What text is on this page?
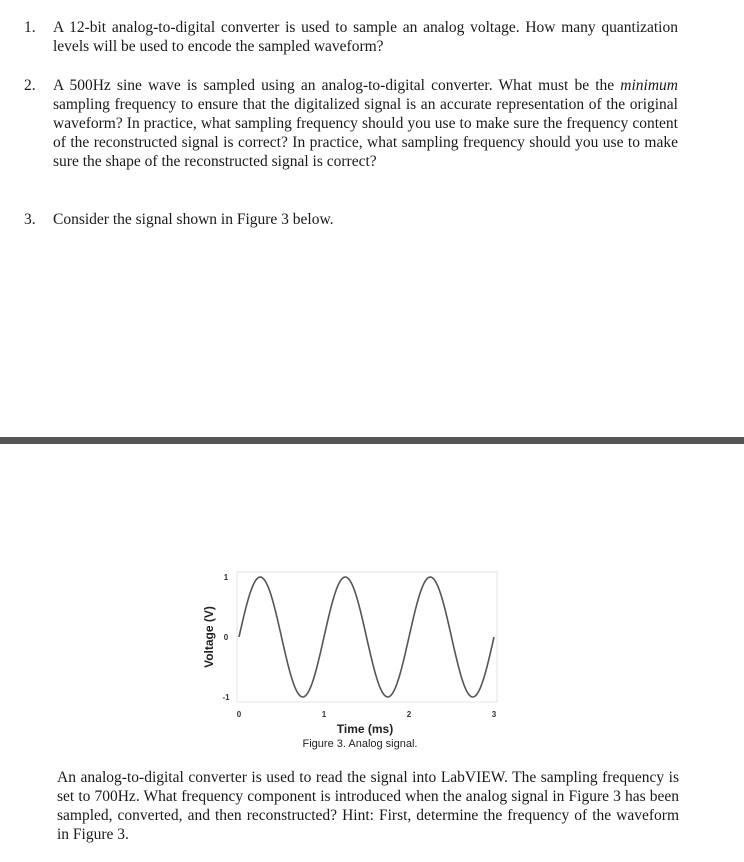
1. A 12-bit analog-to-digital converter is used to sample an analog voltage. How many quantization levels will be used to encode the sampled waveform?
2. A 500Hz sine wave is sampled using an analog-to-digital converter. What must be the minimum sampling frequency to ensure that the digitalized signal is an accurate representation of the original waveform? In practice, what sampling frequency should you use to make sure the frequency content of the reconstructed signal is correct? In practice, what sampling frequency should you use to make sure the shape of the reconstructed signal is correct?
3. Consider the signal shown in Figure 3 below.
Voltage (V)
Time (ms)
1
0
-1
0	1	2	3
Figure 3. Analog signal.
An analog-to-digital converter is used to read the signal into LabVIEW. The sampling frequency is set to 700Hz. What frequency component is introduced when the analog signal in Figure 3 has been sampled, converted, and then reconstructed? Hint: First, determine the frequency of the waveform in Figure 3.
